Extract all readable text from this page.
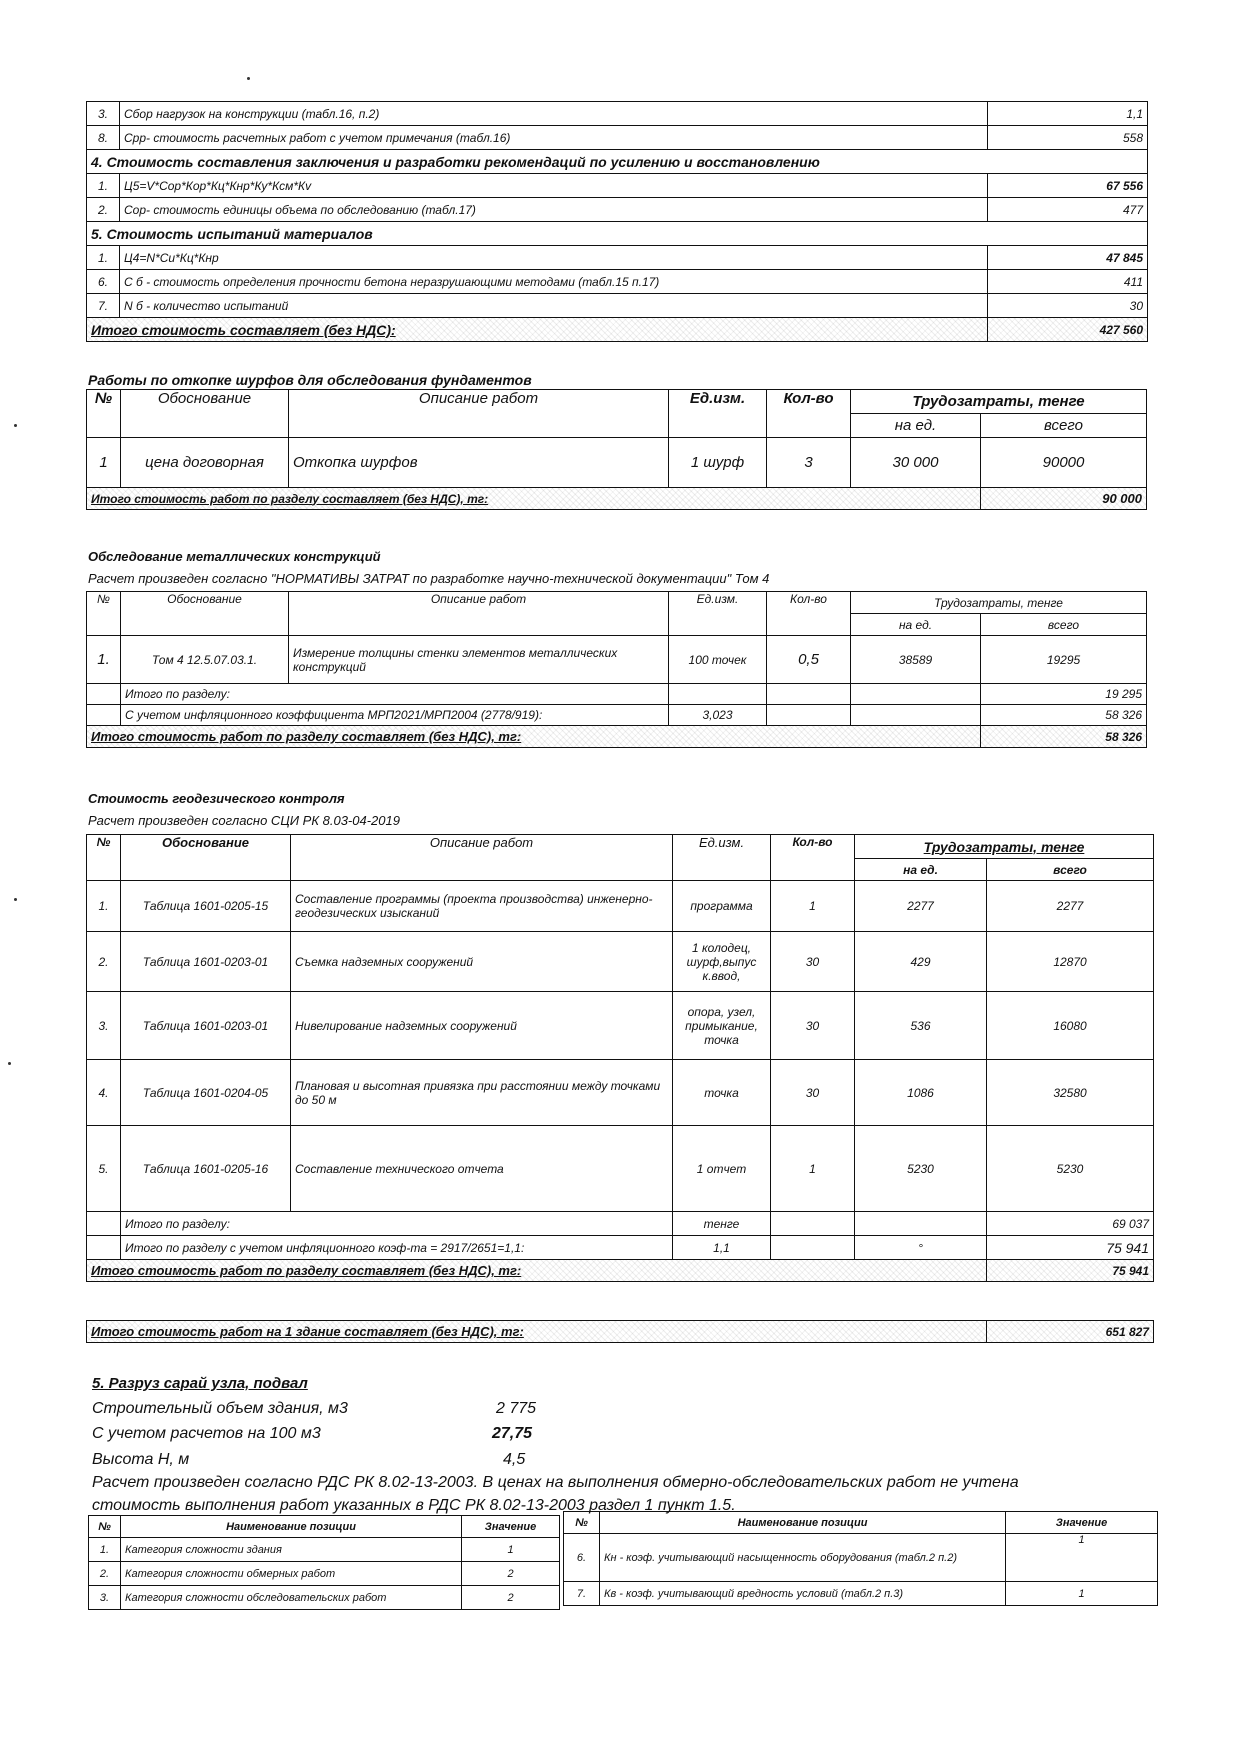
3.	Сбор нагрузок на конструкции (табл.16, п.2)	1,1
8.	Сpp- стоимость расчетных работ с учетом примечания (табл.16)	558
4. Стоимость составления заключения и разработки рекомендаций по усилению и восстановлению		
1.	Ц5=V*Сор*Кор*Кц*Кнр*Ку*Кcм*Кv	67 556
2.	Сор- стоимость единицы объема по обследованию (табл.17)	477
5. Стоимость испытаний материалов		
1.	Ц4=N*Си*Кц*Кнр	47 845
6.	С б - стоимость определения прочности бетона неразрушающими методами (табл.15 п.17)	411
7.	N б - количество испытаний	30
Итого стоимость составляет (без НДС):		427 560
Работы по откопке шурфов для обследования фундаментов
№	Обоснование	Описание работ	Ед.изм.	Кол-во	Трудозатраты, тенге	
					на ед.	всего
1	цена договорная	Откопка шурфов	1 шурф	3	30 000	90000
Итого стоимость работ по разделу составляет (без НДС), тг:						90 000
Обследование металлических конструкций
Расчет произведен согласно "НОРМАТИВЫ ЗАТРАТ по разработке научно-технической документации" Том 4
№	Обоснование	Описание работ	Ед.изм.	Кол-во	Трудозатраты, тенге	
					на ед.	всего
1.	Том 4 12.5.07.03.1.	Измерение толщины стенки элементов металлических конструкций	100 точек	0,5	38589	19295
	Итого по разделу:					19 295
	С учетом инфляционного коэффициента МРП2021/МРП2004 (2778/919):		3,023			58 326
Итого стоимость работ по разделу составляет (без НДС), тг:						58 326
Стоимость геодезического контроля
Расчет произведен согласно СЦИ РК 8.03-04-2019
№	Обоснование	Описание работ	Ед.изм.	Кол-во	Трудозатраты, тенге	
					на ед.	всего
1.	Таблица 1601-0205-15	Составление программы (проекта производства) инженерно-геодезических изысканий	программа	1	2277	2277
2.	Таблица 1601-0203-01	Съемка надземных сооружений	1 колодец, шурф,выпус к.ввод,	30	429	12870
3.	Таблица 1601-0203-01	Нивелирование надземных сооружений	опора, узел, примыкание, точка	30	536	16080
4.	Таблица 1601-0204-05	Плановая и высотная привязка при расстоянии между точками до 50 м	точка	30	1086	32580
5.	Таблица 1601-0205-16	Составление технического отчета	1 отчет	1	5230	5230
	Итого по разделу:		тенге			69 037
	Итого по разделу с учетом инфляционного коэф-та = 2917/2651=1,1:		1,1		°	75 941
Итого стоимость работ по разделу составляет (без НДС), тг:						75 941
Итого стоимость работ на 1 здание составляет (без НДС), тг:	651 827
5. Разруз сарай узла, подвал
Строительный объем здания, м3	2 775
С учетом расчетов на 100 м3	27,75
Высота Н, м	4,5
Расчет произведен согласно РДС РК 8.02-13-2003. В ценах на выполнения обмерно-обследовательских работ не учтена
стоимость выполнения работ указанных в РДС РК 8.02-13-2003 раздел 1 пункт 1.5.
№	Наименование позиции	Значение
1.	Категория сложности здания	1
2.	Категория сложности обмерных работ	2
3.	Категория сложности обследовательских работ	2
№	Наименование позиции	Значение
6.	Кн - коэф. учитывающий насыщенность оборудования (табл.2 п.2)	1
7.	Кв - коэф. учитывающий вредность условий (табл.2 п.3)	1
